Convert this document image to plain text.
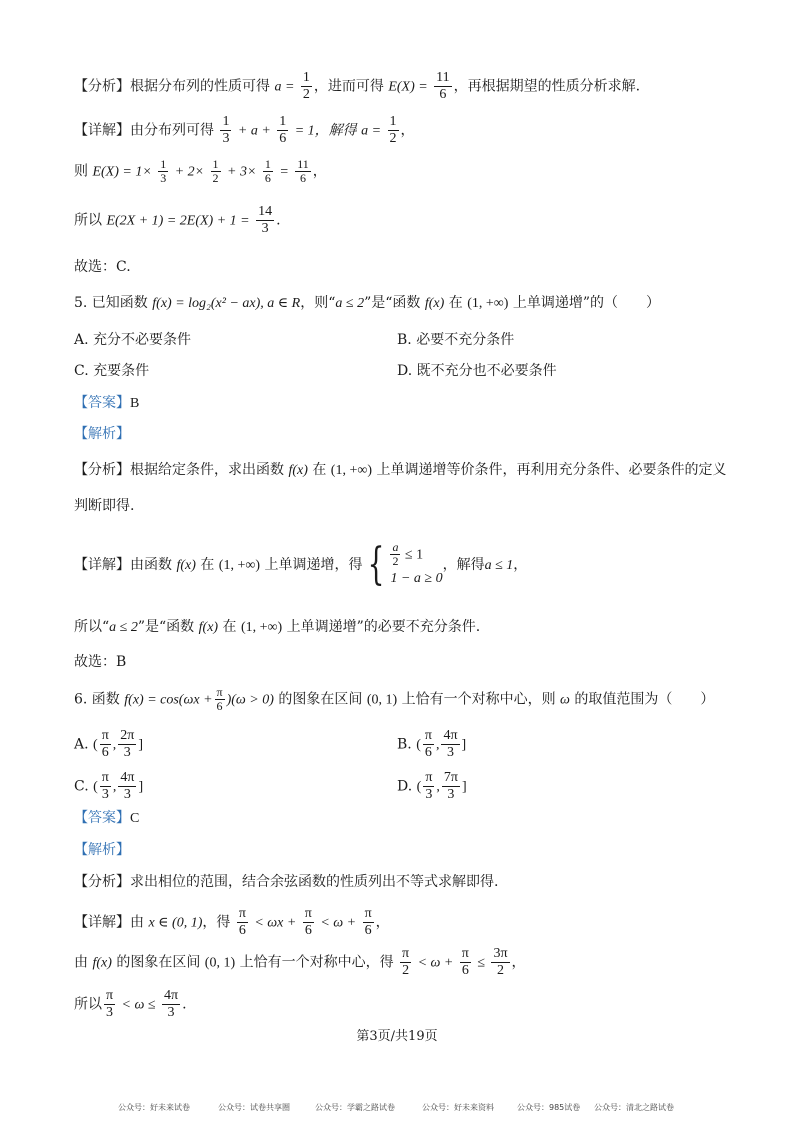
【分析】根据分布列的性质可得 $a = \frac{1}{2}$ ，进而可得 $E(X) = \frac{11}{6}$ ，再根据期望的性质分析求解.
【详解】由分布列可得 $\frac{1}{3} + a + \frac{1}{6} = 1$，解得 $a = \frac{1}{2}$ ，
则 $E(X) = 1\times \frac{1}{3} + 2\times \frac{1}{2} + 3\times \frac{1}{6} = \frac{11}{6}$ ，
所以 $E(2X + 1) = 2E(X) + 1 = \frac{14}{3}$ .
故选：C.
5. 已知函数 f(x) = log₂(x² − ax), a ∈ R，则“a ≤ 2”是“函数 f(x) 在 (1, +∞) 上单调递增”的（　　）
A. 充分不必要条件	B. 必要不充分条件
C. 充要条件	D. 既不充分也不必要条件
【答案】B
【解析】
【分析】根据给定条件，求出函数 f(x) 在 (1, +∞) 上单调递增等价条件，再利用充分条件、必要条件的定义
判断即得.
【详解】由函数 f(x) 在 (1, +∞) 上单调递增，得 { $\frac{a}{2} \le 1$
1 − a ≥ 0
，解得a ≤ 1，
所以“a ≤ 2”是“函数 f(x) 在 (1, +∞) 上单调递增”的必要不充分条件.
故选：B
6. 函数 $f(x) = \cos(\omega x + \frac{\pi}{6} )(\omega > 0)$ 的图象在区间 (0, 1) 上恰有一个对称中心，则 ω 的取值范围为（　　）
A. ( $\frac{\pi}{6}$ , $\frac{2\pi}{3}$ ]	B. ( $\frac{\pi}{6}$ , $\frac{4\pi}{3}$ ]
C. ( $\frac{\pi}{3}$ , $\frac{4\pi}{3}$ ]	D. ( $\frac{\pi}{3}$ , $\frac{7\pi}{3}$ ]
【答案】C
【解析】
【分析】求出相位的范围，结合余弦函数的性质列出不等式求解即得.
【详解】由 x ∈ (0, 1)，得 $\frac{\pi}{6} < \omega x + \frac{\pi}{6} < \omega + \frac{\pi}{6}$ ，
由 f(x) 的图象在区间 (0, 1) 上恰有一个对称中心，得 $\frac{\pi}{2} < \omega + \frac{\pi}{6} \le \frac{3\pi}{2}$ ，
所以 $\frac{\pi}{3} < \omega \le \frac{4\pi}{3}$ .
第3页/共19页
公众号：好未来试卷	公众号：试卷共享圈	公众号：学霸之路试卷	公众号：好未来资料	公众号：985试卷 公众号：清北之路试卷
